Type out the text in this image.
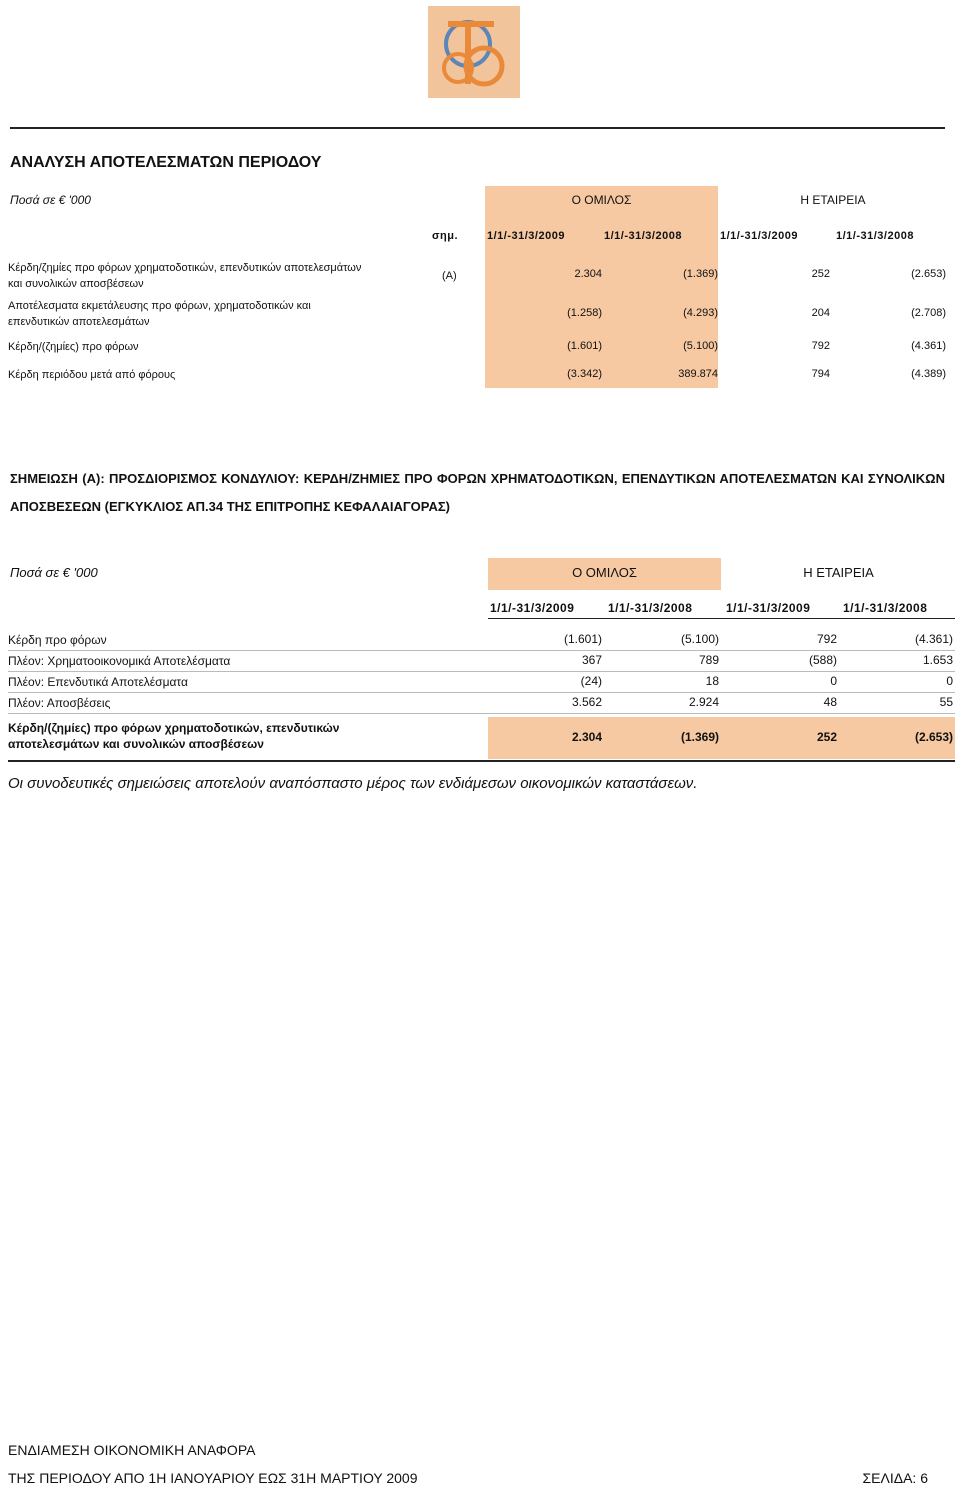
ΑΝΑΛΥΣΗ ΑΠΟΤΕΛΕΣΜΑΤΩΝ ΠΕΡΙΟΔΟΥ
Ποσά σε € '000	Ο ΟΜΙΛΟΣ	Η ΕΤΑΙΡΕΙΑ
σημ.	1/1/-31/3/2009	1/1/-31/3/2008	1/1/-31/3/2009	1/1/-31/3/2008
Κέρδη/ζημίες προ φόρων χρηματοδοτικών, επενδυτικών αποτελεσμάτων και συνολικών αποσβέσεων
(Α)	2.304	(1.369)	252	(2.653)
Αποτέλεσματα εκμετάλευσης προ φόρων, χρηματοδοτικών και επενδυτικών αποτελεσμάτων
(1.258)	(4.293)	204	(2.708)
Κέρδη/(ζημίες) προ φόρων	(1.601)	(5.100)	792	(4.361)
Κέρδη περιόδου μετά από φόρους	(3.342)	389.874	794	(4.389)
ΣΗΜΕΙΩΣΗ (Α): ΠΡΟΣΔΙΟΡΙΣΜΟΣ ΚΟΝΔΥΛΙΟΥ: ΚΕΡΔΗ/ΖΗΜΙΕΣ ΠΡΟ ΦΟΡΩΝ ΧΡΗΜΑΤΟΔΟΤΙΚΩΝ, ΕΠΕΝΔΥΤΙΚΩΝ ΑΠΟΤΕΛΕΣΜΑΤΩΝ ΚΑΙ ΣΥΝΟΛΙΚΩΝ ΑΠΟΣΒΕΣΕΩΝ (ΕΓΚΥΚΛΙΟΣ ΑΠ.34 ΤΗΣ ΕΠΙΤΡΟΠΗΣ ΚΕΦΑΛΑΙΑΓΟΡΑΣ)
Ποσά σε € '000	Ο ΟΜΙΛΟΣ	Η ΕΤΑΙΡΕΙΑ
1/1/-31/3/2009	1/1/-31/3/2008	1/1/-31/3/2009	1/1/-31/3/2008
Κέρδη προ φόρων	(1.601)	(5.100)	792	(4.361)
Πλέον: Χρηματοοικονομικά Αποτελέσματα	367	789	(588)	1.653
Πλέον: Επενδυτικά Αποτελέσματα	(24)	18	0	0
Πλέον: Αποσβέσεις	3.562	2.924	48	55
Κέρδη/(ζημίες) προ φόρων χρηματοδοτικών, επενδυτικών αποτελεσμάτων και συνολικών αποσβέσεων	2.304	(1.369)	252	(2.653)
Οι συνοδευτικές σημειώσεις αποτελούν αναπόσπαστο μέρος των ενδιάμεσων οικονομικών καταστάσεων.
ΕΝΔΙΑΜΕΣΗ ΟΙΚΟΝΟΜΙΚΗ ΑΝΑΦΟΡΑ
ΤΗΣ ΠΕΡΙΟΔΟΥ ΑΠΟ 1Η ΙΑΝΟΥΑΡΙΟΥ ΕΩΣ 31Η ΜΑΡΤΙΟΥ 2009	ΣΕΛΙΔΑ: 6
